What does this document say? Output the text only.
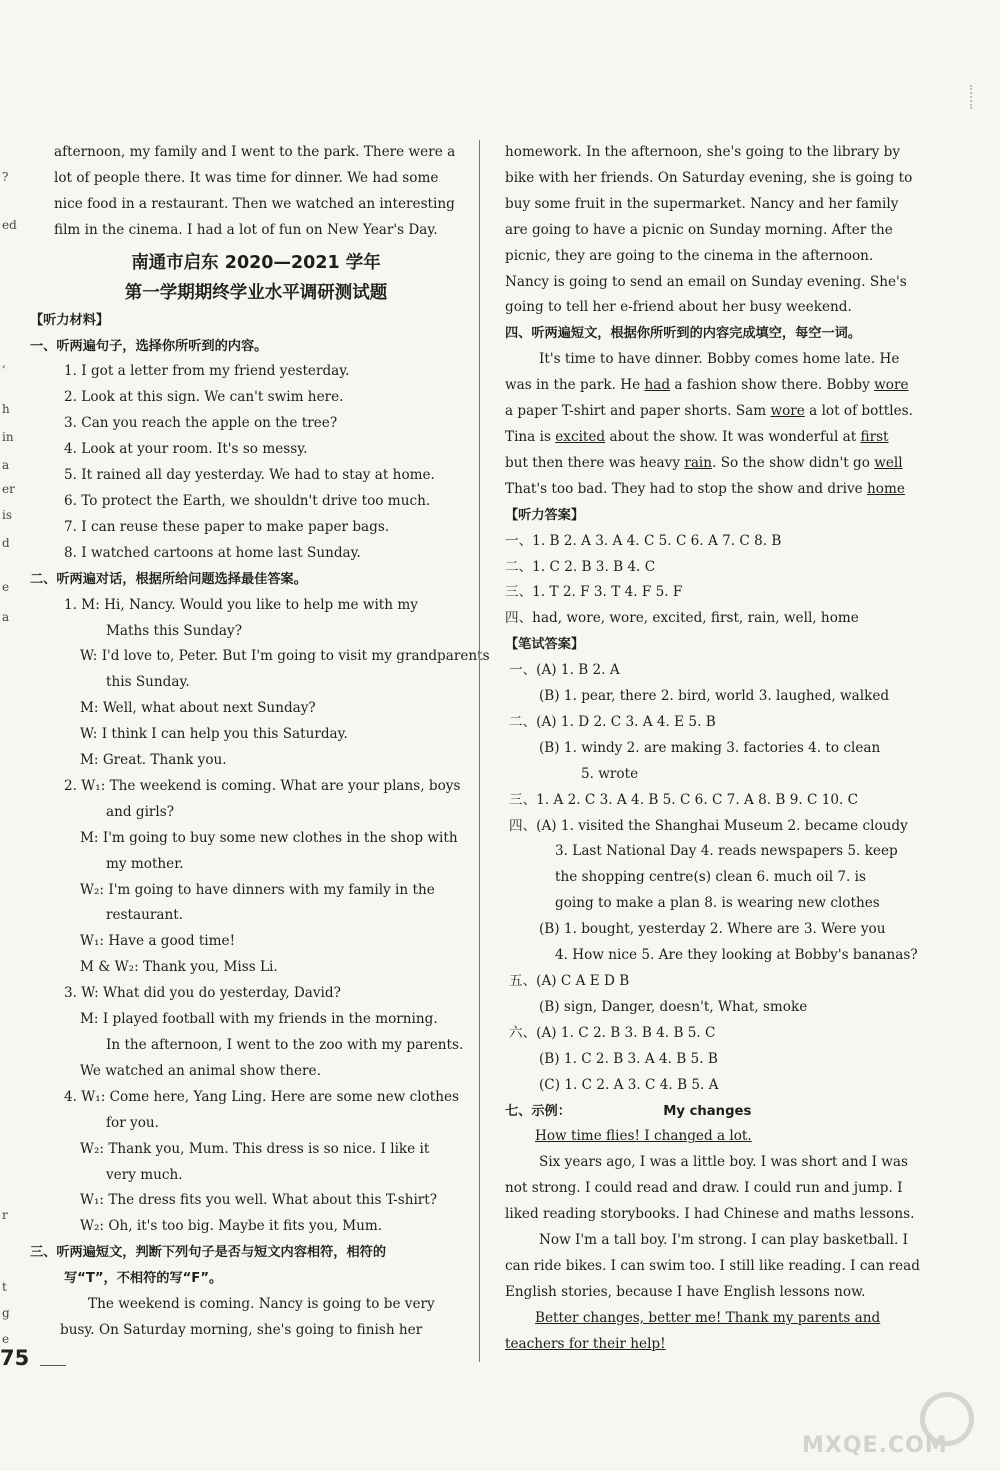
?
ed
,
h
in
a
er
is
d
e
a
r
t
g
e
afternoon, my family and I went to the park. There were a
lot of people there. It was time for dinner. We had some
nice food in a restaurant. Then we watched an interesting
film in the cinema. I had a lot of fun on New Year's Day.
南通市启东 2020—2021 学年
第一学期期终学业水平调研测试题
【听力材料】
一、听两遍句子，选择你所听到的内容。
1. I got a letter from my friend yesterday.
2. Look at this sign. We can't swim here.
3. Can you reach the apple on the tree?
4. Look at your room. It's so messy.
5. It rained all day yesterday. We had to stay at home.
6. To protect the Earth, we shouldn't drive too much.
7. I can reuse these paper to make paper bags.
8. I watched cartoons at home last Sunday.
二、听两遍对话，根据所给问题选择最佳答案。
1. M: Hi, Nancy. Would you like to help me with my
Maths this Sunday?
W: I'd love to, Peter. But I'm going to visit my grandparents
this Sunday.
M: Well, what about next Sunday?
W: I think I can help you this Saturday.
M: Great. Thank you.
2. W₁: The weekend is coming. What are your plans, boys
and girls?
M: I'm going to buy some new clothes in the shop with
my mother.
W₂: I'm going to have dinners with my family in the
restaurant.
W₁: Have a good time!
M & W₂: Thank you, Miss Li.
3. W: What did you do yesterday, David?
M: I played football with my friends in the morning.
In the afternoon, I went to the zoo with my parents.
We watched an animal show there.
4. W₁: Come here, Yang Ling. Here are some new clothes
for you.
W₂: Thank you, Mum. This dress is so nice. I like it
very much.
W₁: The dress fits you well. What about this T-shirt?
W₂: Oh, it's too big. Maybe it fits you, Mum.
三、听两遍短文，判断下列句子是否与短文内容相符，相符的
写“T”，不相符的写“F”。
The weekend is coming. Nancy is going to be very
busy. On Saturday morning, she's going to finish her
homework. In the afternoon, she's going to the library by
bike with her friends. On Saturday evening, she is going to
buy some fruit in the supermarket. Nancy and her family
are going to have a picnic on Sunday morning. After the
picnic, they are going to the cinema in the afternoon.
Nancy is going to send an email on Sunday evening. She's
going to tell her e-friend about her busy weekend.
四、听两遍短文，根据你所听到的内容完成填空，每空一词。
It's time to have dinner. Bobby comes home late. He
was in the park. He had a fashion show there. Bobby wore
a paper T-shirt and paper shorts. Sam wore a lot of bottles.
Tina is excited about the show. It was wonderful at first
but then there was heavy rain. So the show didn't go well
That's too bad. They had to stop the show and drive home
【听力答案】
一、1. B 2. A 3. A 4. C 5. C 6. A 7. C 8. B
二、1. C 2. B 3. B 4. C
三、1. T 2. F 3. T 4. F 5. F
四、had, wore, wore, excited, first, rain, well, home
【笔试答案】
一、(A) 1. B 2. A
(B) 1. pear, there 2. bird, world 3. laughed, walked
二、(A) 1. D 2. C 3. A 4. E 5. B
(B) 1. windy 2. are making 3. factories 4. to clean
5. wrote
三、1. A 2. C 3. A 4. B 5. C 6. C 7. A 8. B 9. C 10. C
四、(A) 1. visited the Shanghai Museum 2. became cloudy
3. Last National Day 4. reads newspapers 5. keep
the shopping centre(s) clean 6. much oil 7. is
going to make a plan 8. is wearing new clothes
(B) 1. bought, yesterday 2. Where are 3. Were you
4. How nice 5. Are they looking at Bobby's bananas?
五、(A) C A E D B
(B) sign, Danger, doesn't, What, smoke
六、(A) 1. C 2. B 3. B 4. B 5. C
(B) 1. C 2. B 3. A 4. B 5. B
(C) 1. C 2. A 3. C 4. B 5. A
七、示例：	My changes
How time flies! I changed a lot.
Six years ago, I was a little boy. I was short and I was
not strong. I could read and draw. I could run and jump. I
liked reading storybooks. I had Chinese and maths lessons.
Now I'm a tall boy. I'm strong. I can play basketball. I
can ride bikes. I can swim too. I still like reading. I can read
English stories, because I have English lessons now.
Better changes, better me! Thank my parents and
teachers for their help!
75
MXQE.COM
